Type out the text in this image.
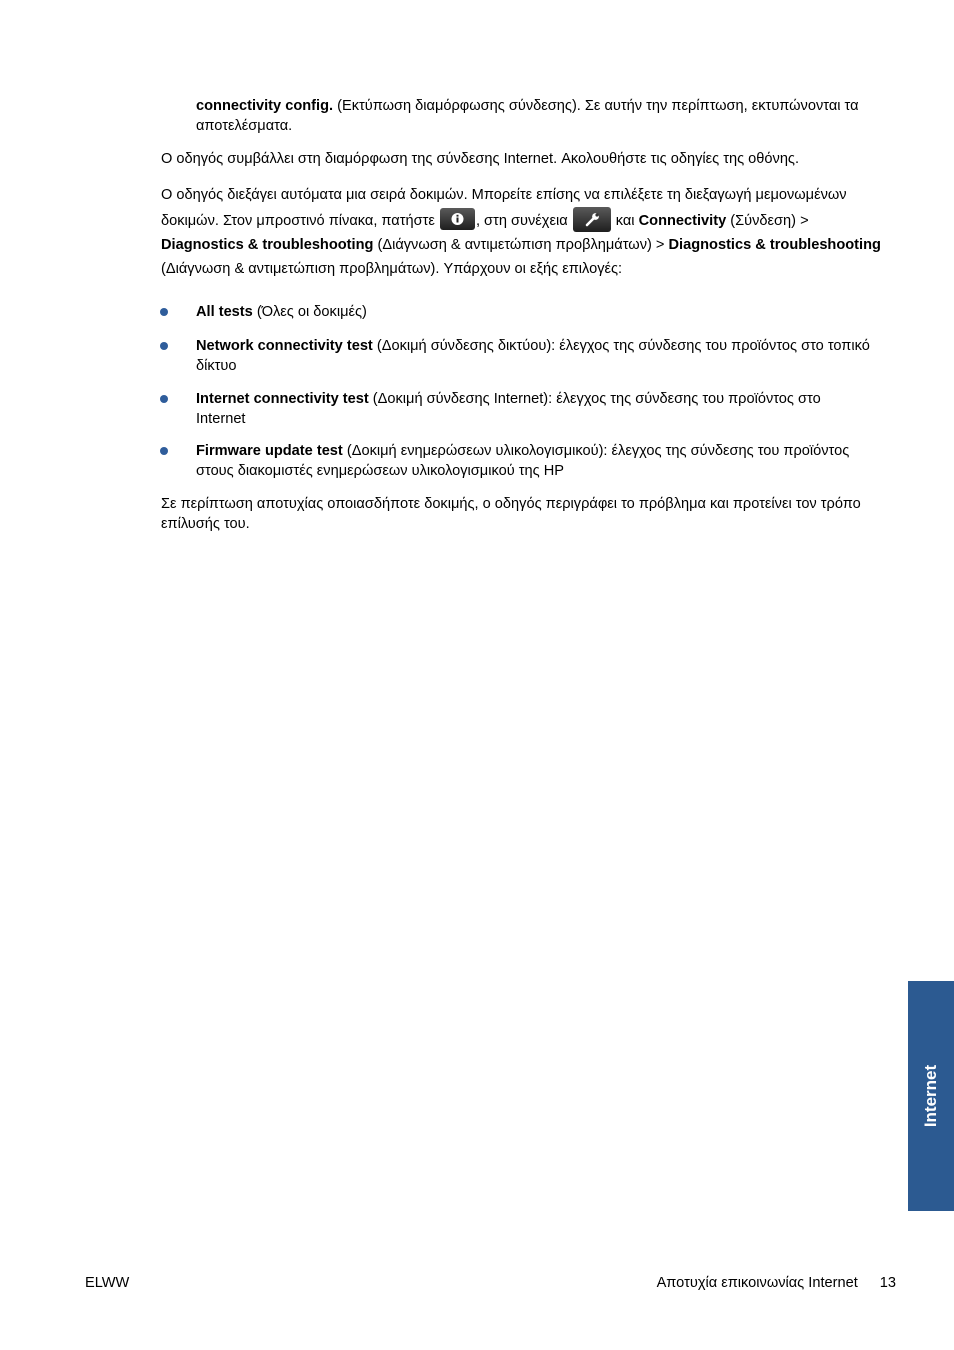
connectivity config. (Εκτύπωση διαμόρφωσης σύνδεσης). Σε αυτήν την περίπτωση, εκτυπώνονται τα αποτελέσματα.
Ο οδηγός συμβάλλει στη διαμόρφωση της σύνδεσης Internet. Ακολουθήστε τις οδηγίες της οθόνης.
Ο οδηγός διεξάγει αυτόματα μια σειρά δοκιμών. Μπορείτε επίσης να επιλέξετε τη διεξαγωγή μεμονωμένων δοκιμών. Στον μπροστινό πίνακα, πατήστε	, στη συνέχεια	και Connectivity (Σύνδεση) > Diagnostics & troubleshooting (Διάγνωση & αντιμετώπιση προβλημάτων) > Diagnostics & troubleshooting (Διάγνωση & αντιμετώπιση προβλημάτων). Υπάρχουν οι εξής επιλογές:
All tests (Όλες οι δοκιμές)
Network connectivity test (Δοκιμή σύνδεσης δικτύου): έλεγχος της σύνδεσης του προϊόντος στο τοπικό δίκτυο
Internet connectivity test (Δοκιμή σύνδεσης Internet): έλεγχος της σύνδεσης του προϊόντος στο Internet
Firmware update test (Δοκιμή ενημερώσεων υλικολογισμικού): έλεγχος της σύνδεσης του προϊόντος στους διακομιστές ενημερώσεων υλικολογισμικού της HP
Σε περίπτωση αποτυχίας οποιασδήποτε δοκιμής, ο οδηγός περιγράφει το πρόβλημα και προτείνει τον τρόπο επίλυσής του.
Internet
ELWW	Αποτυχία επικοινωνίας Internet 13
